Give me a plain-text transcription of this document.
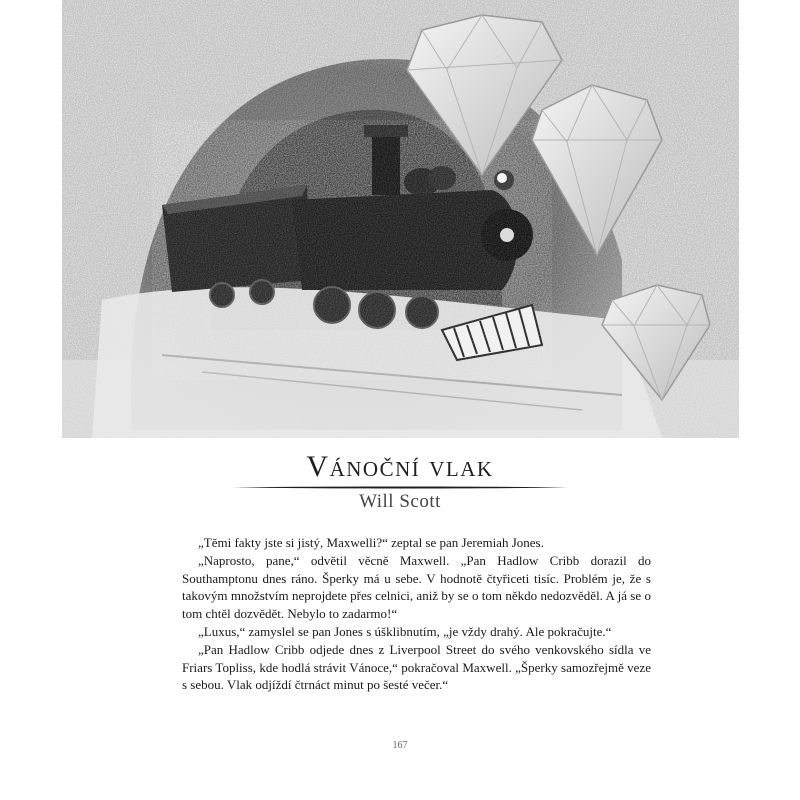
Vánoční vlak
Will Scott

„Těmi fakty jste si jistý, Maxwelli?“ zeptal se pan Jeremiah Jones.

„Naprosto, pane,“ odvětil věcně Maxwell. „Pan Hadlow Cribb dorazil do Southamptonu dnes ráno. Šperky má u sebe. V hodnotě čtyřiceti tisíc. Problém je, že s takovým množstvím neprojdete přes celnici, aniž by se o tom někdo nedozvěděl. A já se o tom chtěl dozvědět. Nebylo to zadarmo!“

„Luxus,“ zamyslel se pan Jones s úšklibnutím, „je vždy drahý. Ale pokračujte.“

„Pan Hadlow Cribb odjede dnes z Liverpool Street do svého venkovského sídla ve Friars Topliss, kde hodlá strávit Vánoce,“ pokračoval Maxwell. „Šperky samozřejmě veze s sebou. Vlak odjíždí čtrnáct minut po šesté večer.“

167
